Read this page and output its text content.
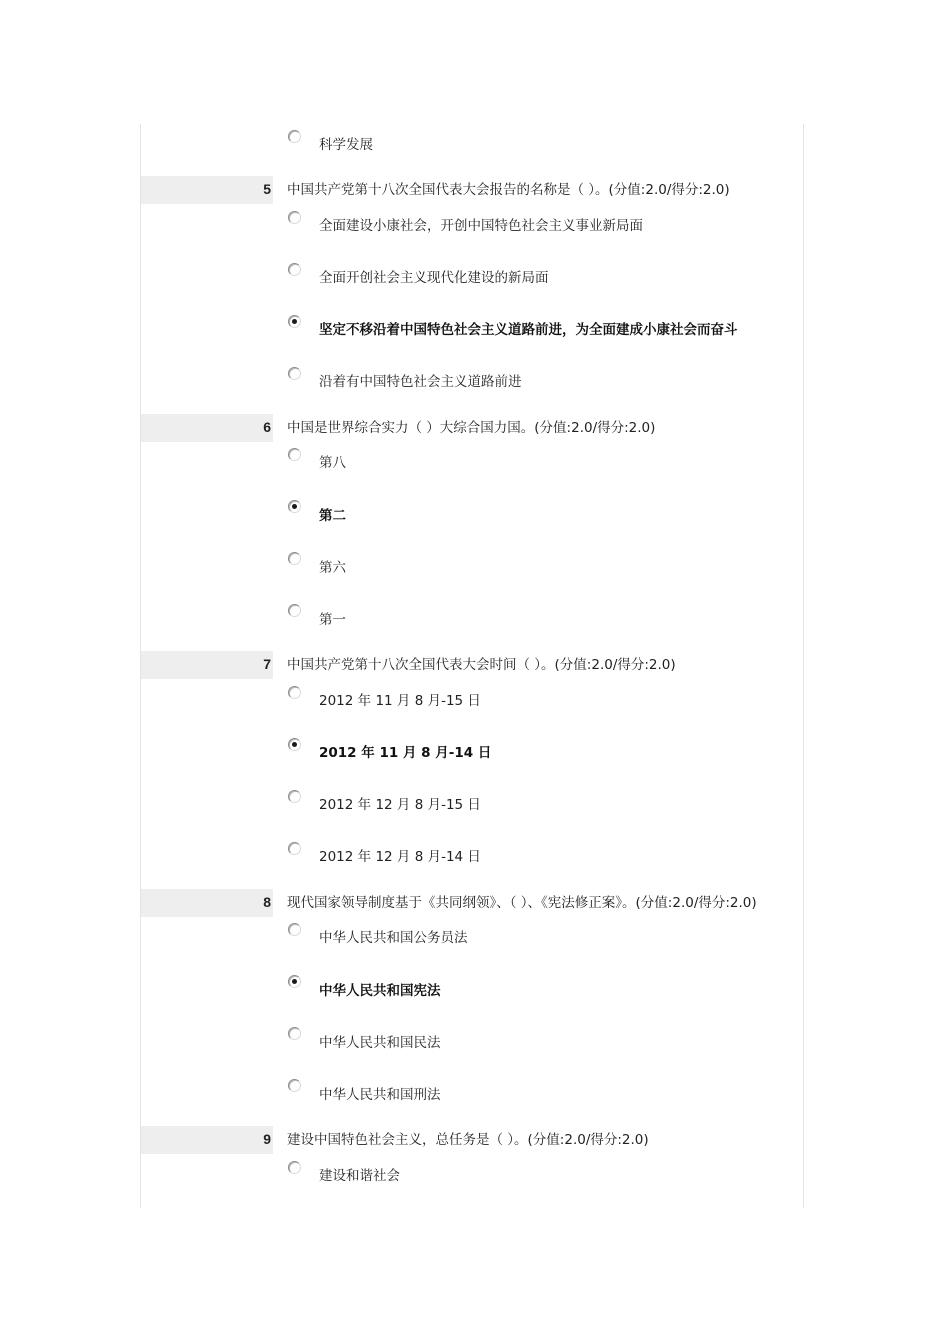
科学发展
5 中国共产党第十八次全国代表大会报告的名称是（ ）。(分值:2.0/得分:2.0)
全面建设小康社会，开创中国特色社会主义事业新局面
全面开创社会主义现代化建设的新局面
坚定不移沿着中国特色社会主义道路前进，为全面建成小康社会而奋斗
沿着有中国特色社会主义道路前进
6 中国是世界综合实力（ ）大综合国力国。(分值:2.0/得分:2.0)
第八
第二
第六
第一
7 中国共产党第十八次全国代表大会时间（ ）。(分值:2.0/得分:2.0)
2012 年 11 月 8 月-15 日
2012 年 11 月 8 月-14 日
2012 年 12 月 8 月-15 日
2012 年 12 月 8 月-14 日
8 现代国家领导制度基于《共同纲领》、（ ）、《宪法修正案》。(分值:2.0/得分:2.0)
中华人民共和国公务员法
中华人民共和国宪法
中华人民共和国民法
中华人民共和国刑法
9 建设中国特色社会主义，总任务是（ ）。(分值:2.0/得分:2.0)
建设和谐社会
